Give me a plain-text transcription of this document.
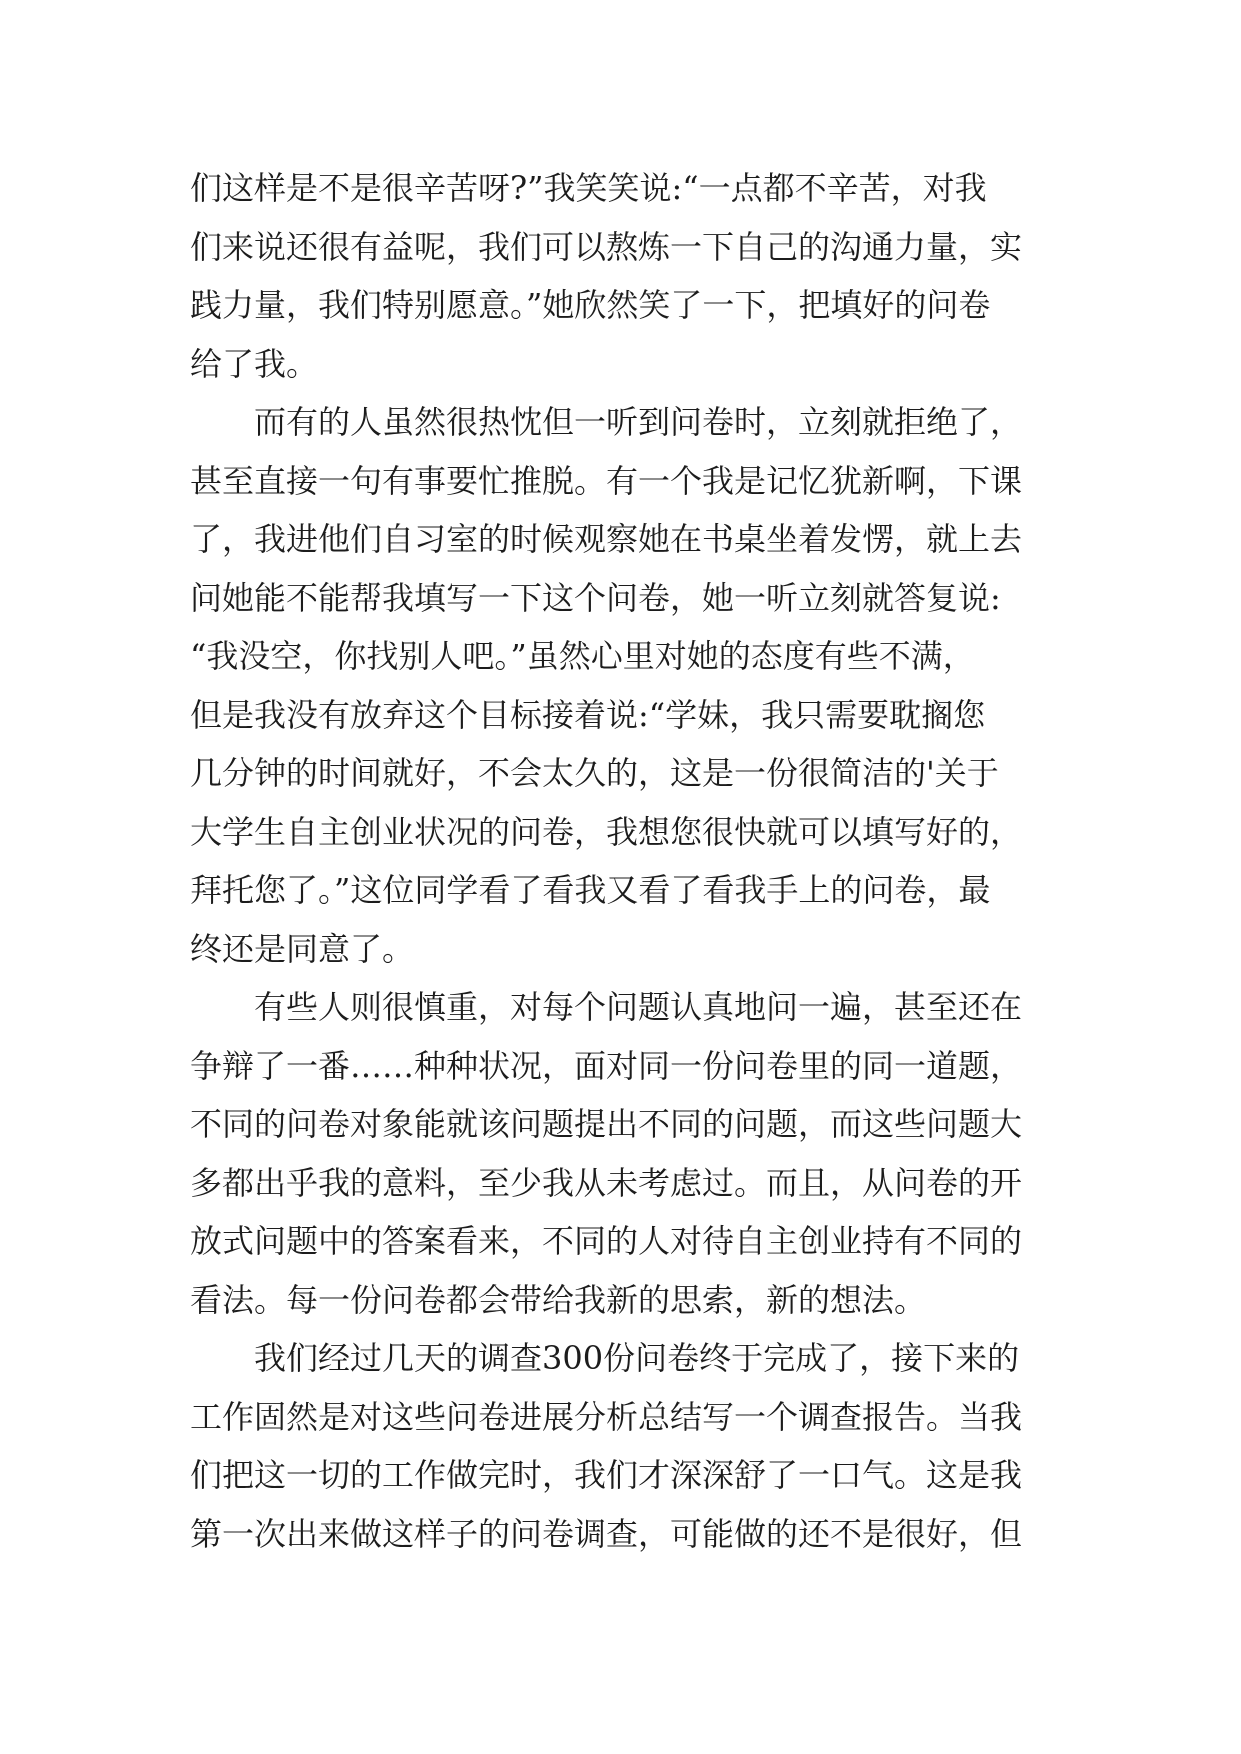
们这样是不是很辛苦呀?”我笑笑说:“一点都不辛苦，对我
们来说还很有益呢，我们可以熬炼一下自己的沟通力量，实
践力量，我们特别愿意。”她欣然笑了一下，把填好的问卷
给了我。
　　而有的人虽然很热忱但一听到问卷时，立刻就拒绝了，
甚至直接一句有事要忙推脱。有一个我是记忆犹新啊，下课
了，我进他们自习室的时候观察她在书桌坐着发愣，就上去
问她能不能帮我填写一下这个问卷，她一听立刻就答复说:
“我没空，你找别人吧。”虽然心里对她的态度有些不满，
但是我没有放弃这个目标接着说:“学妹，我只需要耽搁您
几分钟的时间就好，不会太久的，这是一份很简洁的'关于
大学生自主创业状况的问卷，我想您很快就可以填写好的，
拜托您了。”这位同学看了看我又看了看我手上的问卷，最
终还是同意了。
　　有些人则很慎重，对每个问题认真地问一遍，甚至还在
争辩了一番……种种状况，面对同一份问卷里的同一道题，
不同的问卷对象能就该问题提出不同的问题，而这些问题大
多都出乎我的意料，至少我从未考虑过。而且，从问卷的开
放式问题中的答案看来，不同的人对待自主创业持有不同的
看法。每一份问卷都会带给我新的思索，新的想法。
　　我们经过几天的调查300份问卷终于完成了，接下来的
工作固然是对这些问卷进展分析总结写一个调查报告。当我
们把这一切的工作做完时，我们才深深舒了一口气。这是我
第一次出来做这样子的问卷调查，可能做的还不是很好，但
